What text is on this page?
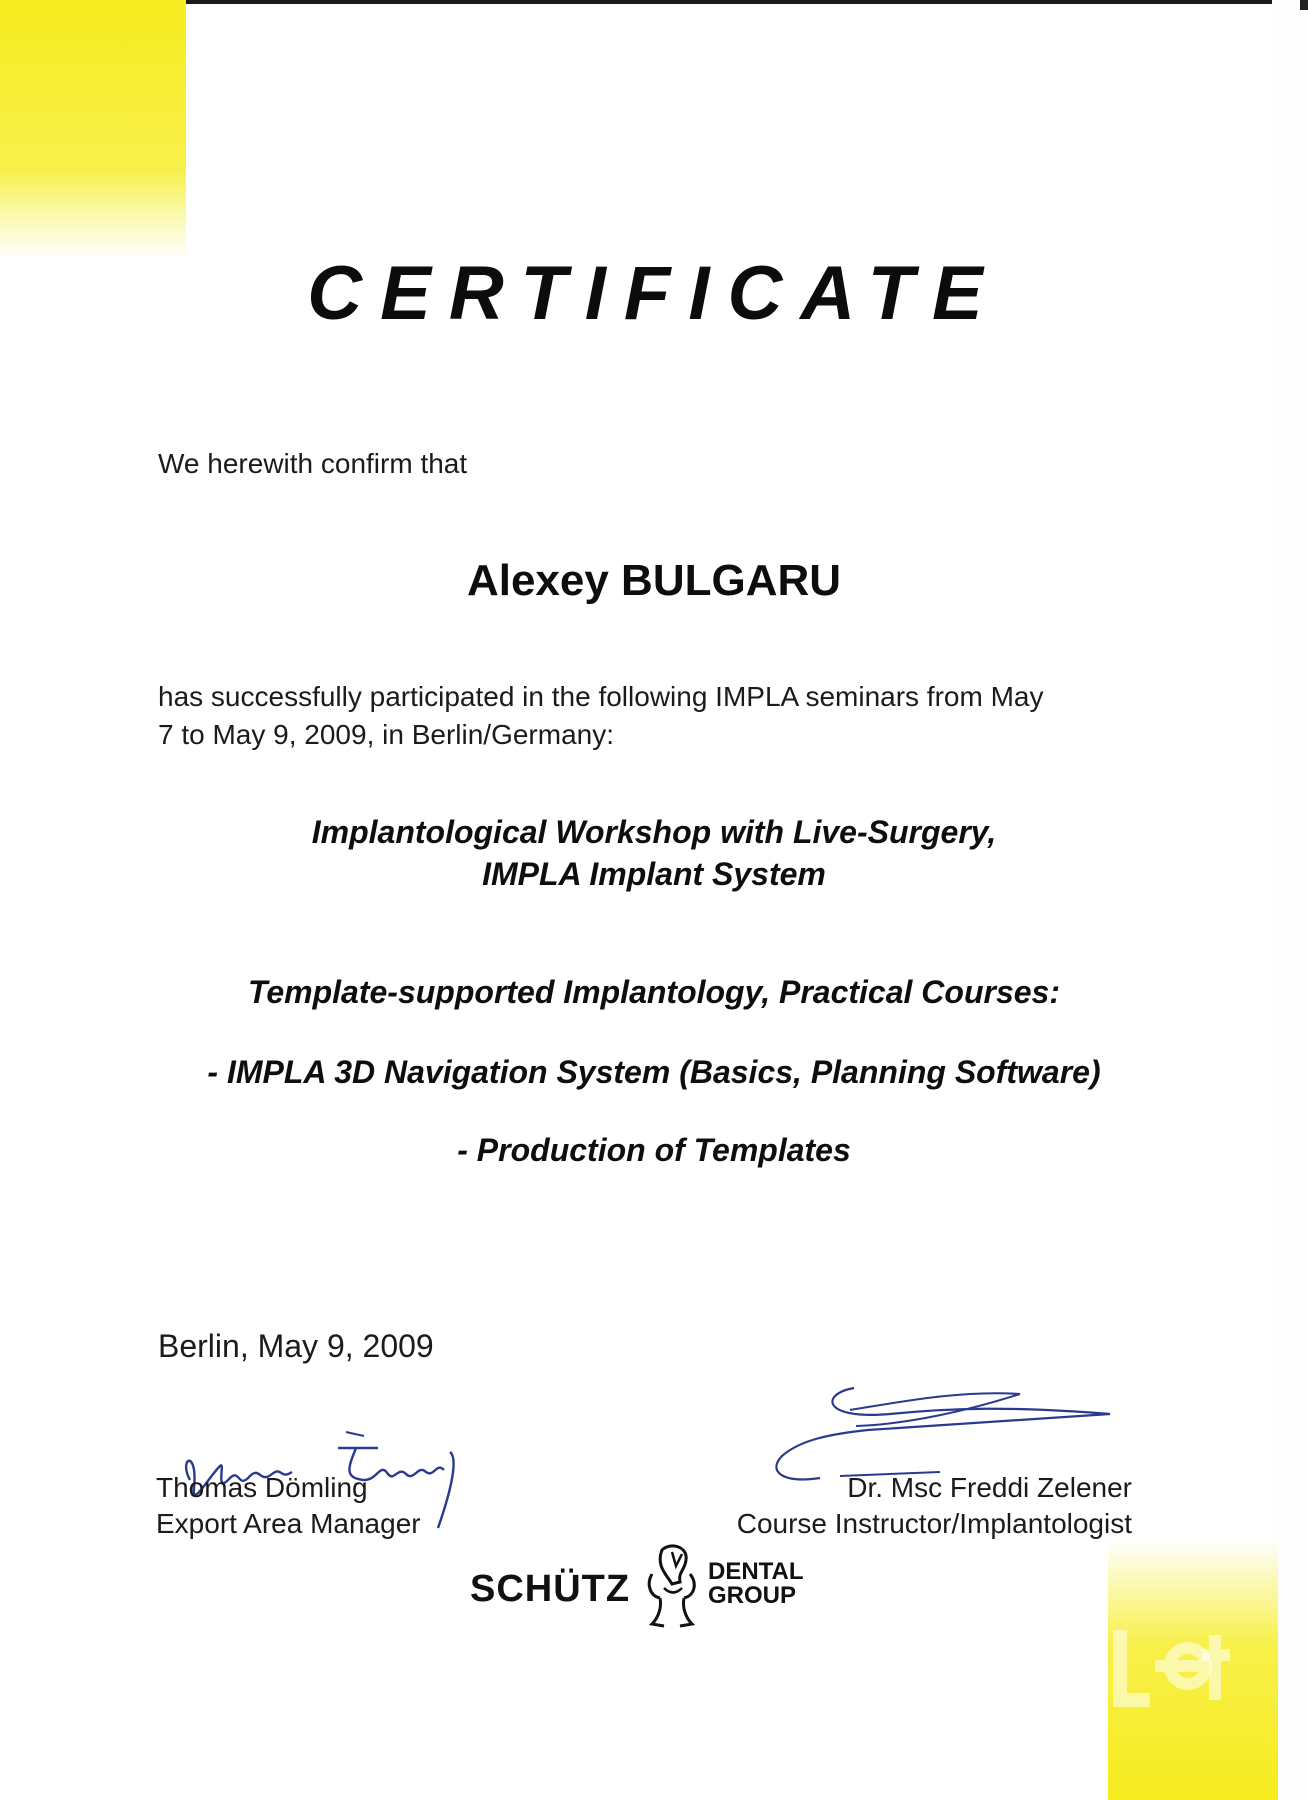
CERTIFICATE
We herewith confirm that
Alexey BULGARU
has successfully participated in the following IMPLA seminars from May
7 to May 9, 2009, in Berlin/Germany:
Implantological Workshop with Live-Surgery,
IMPLA Implant System
Template-supported Implantology, Practical Courses:
- IMPLA 3D Navigation System (Basics, Planning Software)
- Production of Templates
Berlin, May 9, 2009
Thomas Dömling
Export Area Manager
Dr. Msc Freddi Zelener
Course Instructor/Implantologist
SCHÜTZ	DENTAL
GROUP
